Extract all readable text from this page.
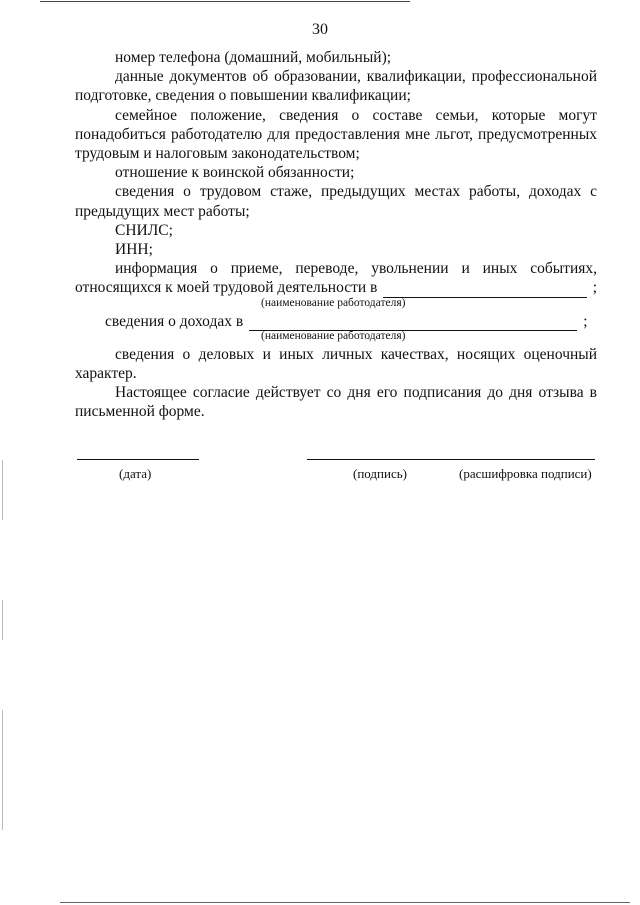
30

номер телефона (домашний, мобильный);

данные документов об образовании, квалификации, профессиональной подготовке, сведения о повышении квалификации;

семейное положение, сведения о составе семьи, которые могут понадобиться работодателю для предоставления мне льгот, предусмотренных трудовым и налоговым законодательством;

отношение к воинской обязанности;

сведения о трудовом стаже, предыдущих местах работы, доходах с предыдущих мест работы;

СНИЛС;

ИНН;

информация о приеме, переводе, увольнении и иных событиях,

относящихся к моей трудовой деятельности в	;
(наименование работодателя)
сведения о доходах в	;
(наименование работодателя)

сведения о деловых и иных личных качествах, носящих оценочный характер.

Настоящее согласие действует со дня его подписания до дня отзыва в письменной форме.

(дата)	(подпись)	(расшифровка подписи)
